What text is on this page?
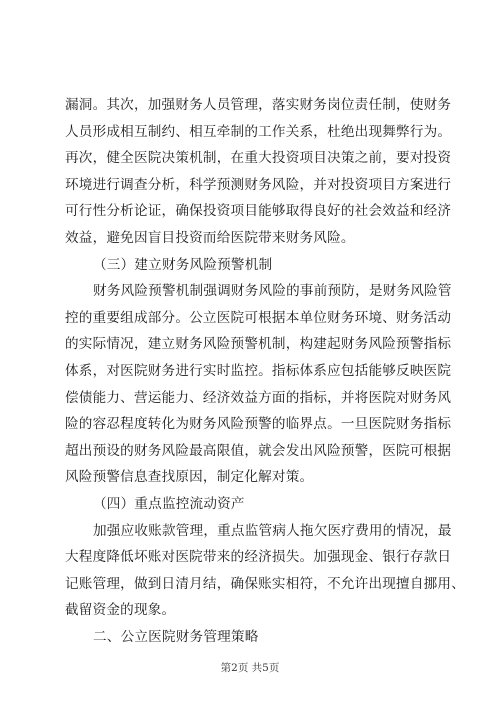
漏洞。其次，加强财务人员管理，落实财务岗位责任制，使财务
人员形成相互制约、相互牵制的工作关系，杜绝出现舞弊行为。
再次，健全医院决策机制，在重大投资项目决策之前，要对投资
环境进行调查分析，科学预测财务风险，并对投资项目方案进行
可行性分析论证，确保投资项目能够取得良好的社会效益和经济
效益，避免因盲目投资而给医院带来财务风险。
（三）建立财务风险预警机制
财务风险预警机制强调财务风险的事前预防，是财务风险管
控的重要组成部分。公立医院可根据本单位财务环境、财务活动
的实际情况，建立财务风险预警机制，构建起财务风险预警指标
体系，对医院财务进行实时监控。指标体系应包括能够反映医院
偿债能力、营运能力、经济效益方面的指标，并将医院对财务风
险的容忍程度转化为财务风险预警的临界点。一旦医院财务指标
超出预设的财务风险最高限值，就会发出风险预警，医院可根据
风险预警信息查找原因，制定化解对策。
（四）重点监控流动资产
加强应收账款管理，重点监管病人拖欠医疗费用的情况，最
大程度降低坏账对医院带来的经济损失。加强现金、银行存款日
记账管理，做到日清月结，确保账实相符，不允许出现擅自挪用、
截留资金的现象。
二、公立医院财务管理策略
第2页 共5页
